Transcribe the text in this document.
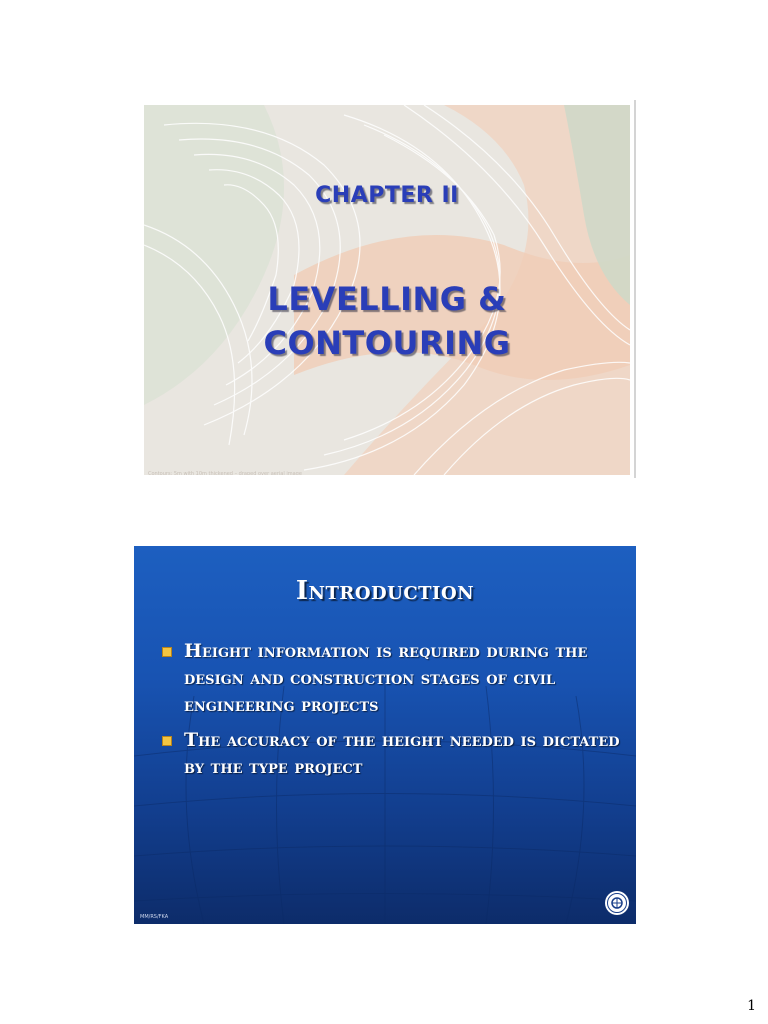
CHAPTER II
LEVELLING &
CONTOURING
Contours: 5m with 10m thickened – draped over aerial image
Introduction
Height information is required during the design and construction stages of civil engineering projects
The accuracy of the height needed is dictated by the type project
MM/RS/FKA
1
